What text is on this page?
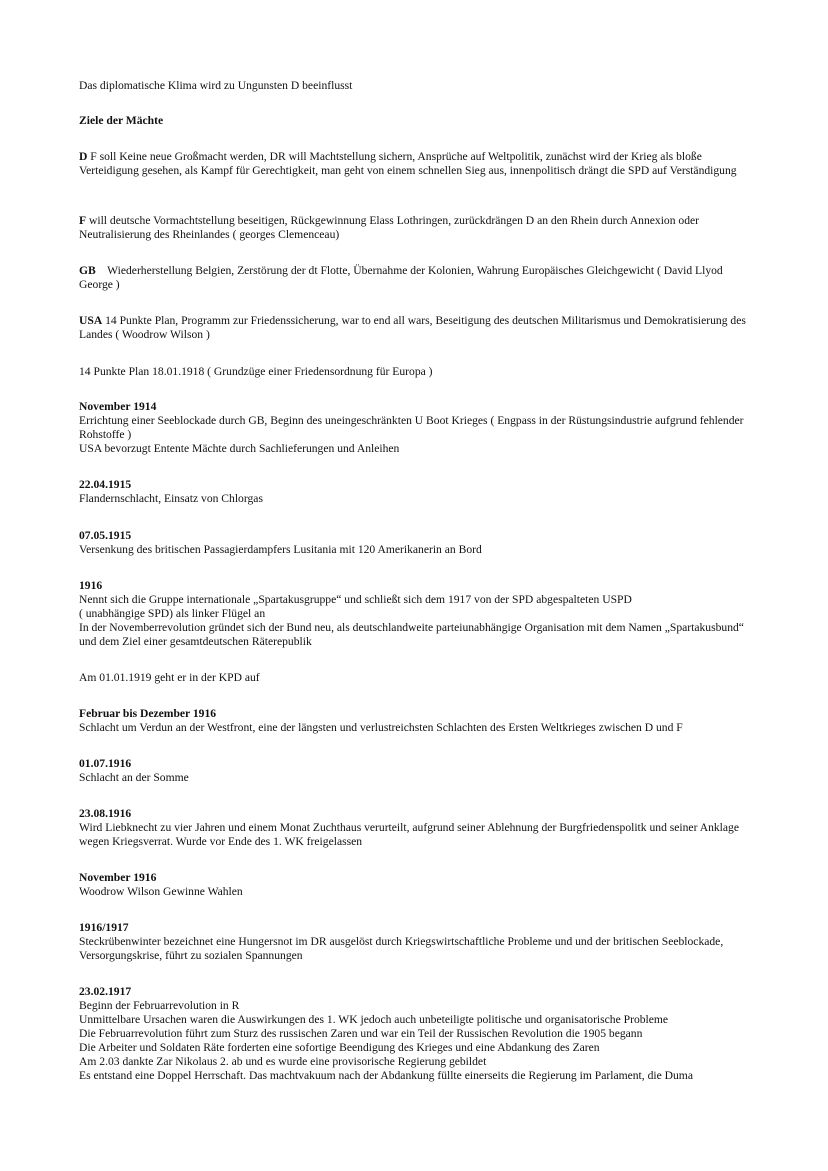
Das diplomatische Klima wird zu Ungunsten D beeinflusst

Ziele der Mächte

D F soll Keine neue Großmacht werden, DR will Machtstellung sichern, Ansprüche auf Weltpolitik, zunächst wird der Krieg als bloße Verteidigung gesehen, als Kampf für Gerechtigkeit, man geht von einem schnellen Sieg aus, innenpolitisch drängt die SPD auf Verständigung

F will deutsche Vormachtstellung beseitigen, Rückgewinnung Elass Lothringen, zurückdrängen D an den Rhein durch Annexion oder Neutralisierung des Rheinlandes ( georges Clemenceau)

GB    Wiederherstellung Belgien, Zerstörung der dt Flotte, Übernahme der Kolonien, Wahrung Europäisches Gleichgewicht ( David Llyod George )

USA 14 Punkte Plan, Programm zur Friedenssicherung, war to end all wars, Beseitigung des deutschen Militarismus und Demokratisierung des Landes ( Woodrow Wilson )

14 Punkte Plan 18.01.1918 ( Grundzüge einer Friedensordnung für Europa )

November 1914

Errichtung einer Seeblockade durch GB, Beginn des uneingeschränkten U Boot Krieges ( Engpass in der Rüstungsindustrie aufgrund fehlender Rohstoffe )

USA bevorzugt Entente Mächte durch Sachlieferungen und Anleihen

22.04.1915

Flandernschlacht, Einsatz von Chlorgas

07.05.1915

Versenkung des britischen Passagierdampfers Lusitania mit 120 Amerikanerin an Bord

1916

Nennt sich die Gruppe internationale „Spartakusgruppe“ und schließt sich dem 1917 von der SPD abgespalteten USPD

( unabhängige SPD) als linker Flügel an

In der Novemberrevolution gründet sich der Bund neu, als deutschlandweite parteiunabhängige Organisation mit dem Namen „Spartakusbund“ und dem Ziel einer gesamtdeutschen Räterepublik

Am 01.01.1919 geht er in der KPD auf

Februar bis Dezember 1916

Schlacht um Verdun an der Westfront, eine der längsten und verlustreichsten Schlachten des Ersten Weltkrieges zwischen D und F

01.07.1916

Schlacht an der Somme

23.08.1916

Wird Liebknecht zu vier Jahren und einem Monat Zuchthaus verurteilt, aufgrund seiner Ablehnung der Burgfriedenspolitk und seiner Anklage wegen Kriegsverrat. Wurde vor Ende des 1. WK freigelassen

November 1916

Woodrow Wilson Gewinne Wahlen

1916/1917

Steckrübenwinter bezeichnet eine Hungersnot im DR ausgelöst durch Kriegswirtschaftliche Probleme und und der britischen Seeblockade, Versorgungskrise, führt zu sozialen Spannungen

23.02.1917

Beginn der Februarrevolution in R

Unmittelbare Ursachen waren die Auswirkungen des 1. WK jedoch auch unbeteiligte politische und organisatorische Probleme

Die Februarrevolution führt zum Sturz des russischen Zaren und war ein Teil der Russischen Revolution die 1905 begann

Die Arbeiter und Soldaten Räte forderten eine sofortige Beendigung des Krieges und eine Abdankung des Zaren

Am 2.03 dankte Zar Nikolaus 2. ab und es wurde eine provisorische Regierung gebildet

Es entstand eine Doppel Herrschaft. Das machtvakuum nach der Abdankung füllte einerseits die Regierung im Parlament, die Duma
